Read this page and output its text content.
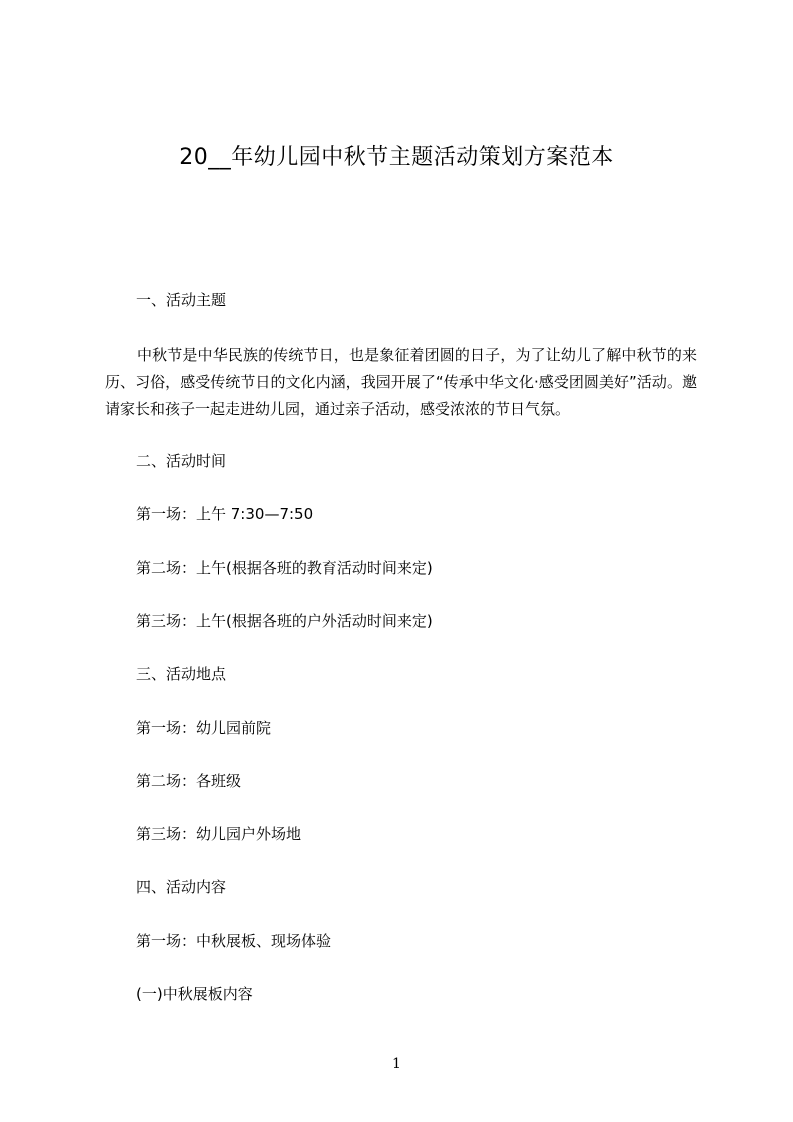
20__年幼儿园中秋节主题活动策划方案范本
一、活动主题
中秋节是中华民族的传统节日，也是象征着团圆的日子，为了让幼儿了解中秋节的来历、习俗，感受传统节日的文化内涵，我园开展了“传承中华文化·感受团圆美好”活动。邀请家长和孩子一起走进幼儿园，通过亲子活动，感受浓浓的节日气氛。
二、活动时间
第一场：上午 7:30—7:50
第二场：上午(根据各班的教育活动时间来定)
第三场：上午(根据各班的户外活动时间来定)
三、活动地点
第一场：幼儿园前院
第二场：各班级
第三场：幼儿园户外场地
四、活动内容
第一场：中秋展板、现场体验
(一)中秋展板内容
1
